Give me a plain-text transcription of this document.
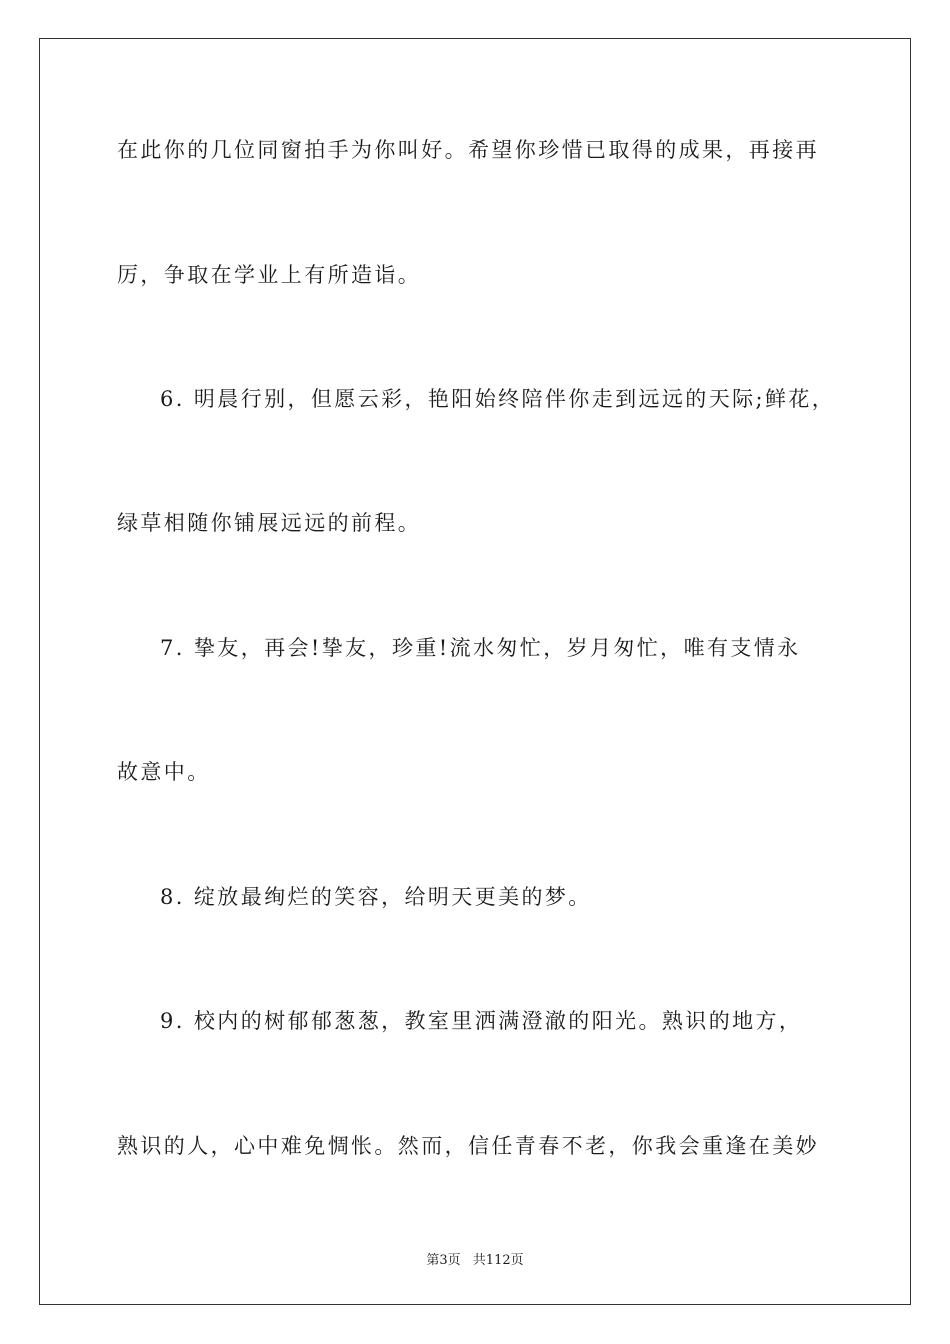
在此你的几位同窗拍手为你叫好。希望你珍惜已取得的成果，再接再
厉，争取在学业上有所造诣。
6. 明晨行别，但愿云彩，艳阳始终陪伴你走到远远的天际;鲜花，
绿草相随你铺展远远的前程。
7. 挚友，再会!挚友，珍重!流水匆忙，岁月匆忙，唯有支情永
故意中。
8. 绽放最绚烂的笑容，给明天更美的梦。
9. 校内的树郁郁葱葱，教室里洒满澄澈的阳光。熟识的地方，
熟识的人，心中难免惆怅。然而，信任青春不老，你我会重逢在美妙
第3页 共112页
